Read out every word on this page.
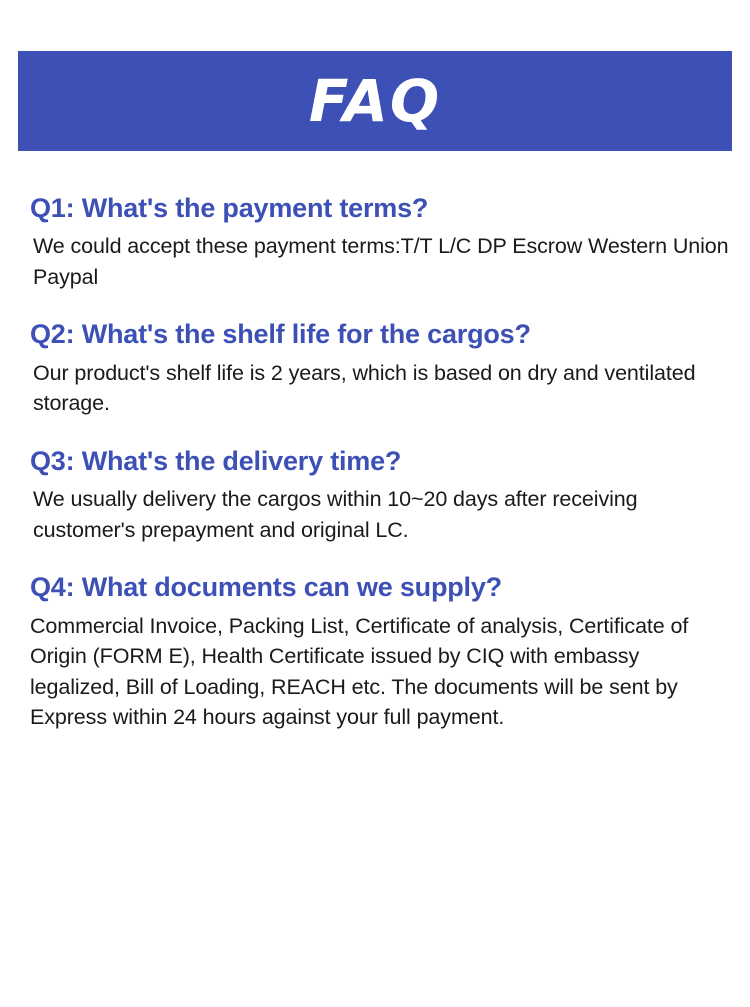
FAQ

Q1: What's the payment terms?

We could accept these payment terms:T/T L/C DP Escrow Western Union Paypal

Q2: What's the shelf life for the cargos?

Our product's shelf life is 2 years, which is based on dry and ventilated storage.

Q3: What's the delivery time?

We usually delivery the cargos within 10~20 days after receiving customer's prepayment and original LC.

Q4: What documents can we supply?

Commercial Invoice, Packing List, Certificate of analysis, Certificate of Origin (FORM E), Health Certificate issued by CIQ with embassy legalized, Bill of Loading, REACH etc. The documents will be sent by Express within 24 hours against your full payment.
